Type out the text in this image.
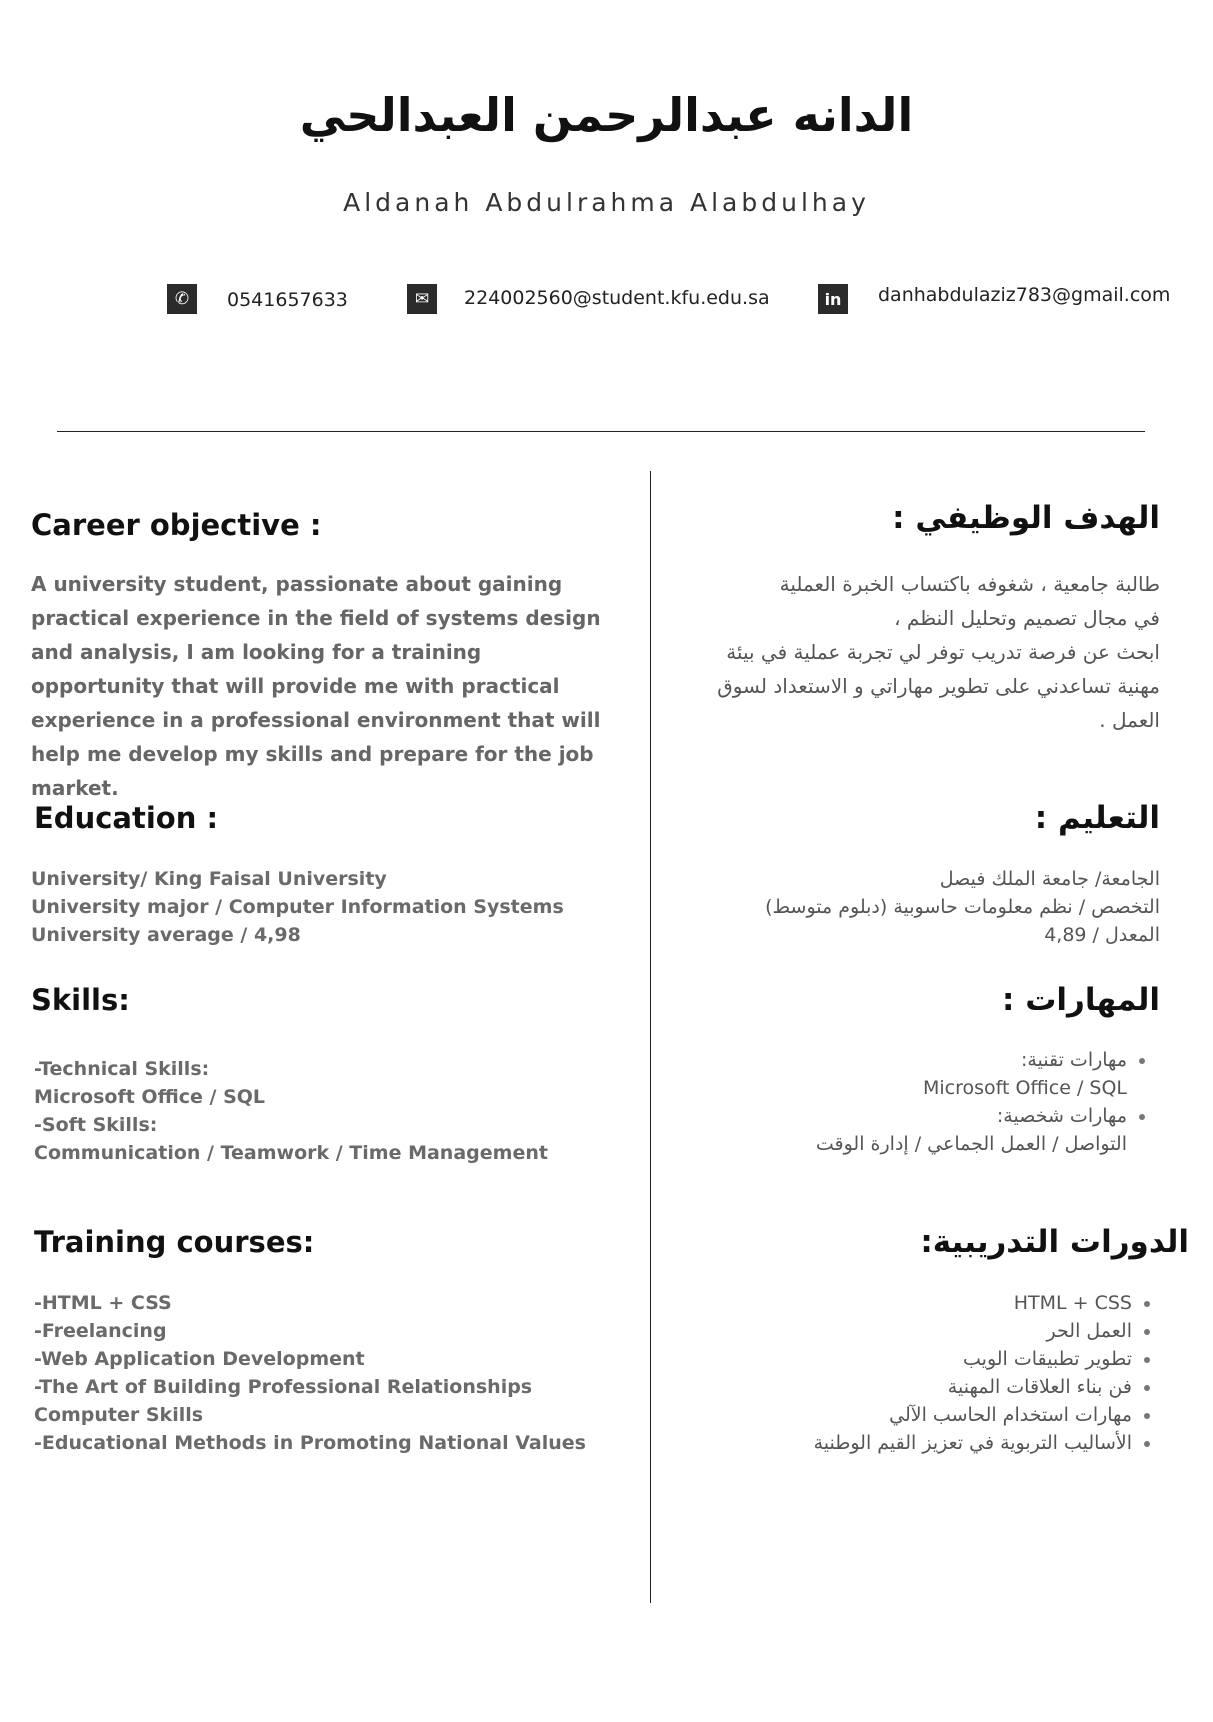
الدانه عبدالرحمن العبدالحي
Aldanah Abdulrahma Alabdulhay
✆	0541657633	✉	224002560@student.kfu.edu.sa	in	danhabdulaziz783@gmail.com
Career objective :
A university student, passionate about gaining practical experience in the field of systems design and analysis, I am looking for a training opportunity that will provide me with practical experience in a professional environment that will help me develop my skills and prepare for the job market.
Education :
University/ King Faisal University
University major / Computer Information Systems
University average / 4,98
Skills:
-Technical Skills:
Microsoft Office / SQL
-Soft Skills:
Communication / Teamwork / Time Management
Training courses:
-HTML + CSS
-Freelancing
-Web Application Development
-The Art of Building Professional Relationships
Computer Skills
-Educational Methods in Promoting National Values
الهدف الوظيفي :
طالبة جامعية ، شغوفه باكتساب الخبرة العملية
في مجال تصميم وتحليل النظم ،
ابحث عن فرصة تدريب توفر لي تجربة عملية في بيئة
مهنية تساعدني على تطوير مهاراتي و الاستعداد لسوق
العمل .
التعليم :
الجامعة/ جامعة الملك فيصل
التخصص / نظم معلومات حاسوبية (دبلوم متوسط)
المعدل / 4,89
المهارات :
• مهارات تقنية:
Microsoft Office / SQL
• مهارات شخصية:
التواصل / العمل الجماعي / إدارة الوقت
الدورات التدريبية:
• HTML + CSS
• العمل الحر
• تطوير تطبيقات الويب
• فن بناء العلاقات المهنية
• مهارات استخدام الحاسب الآلي
• الأساليب التربوية في تعزيز القيم الوطنية
